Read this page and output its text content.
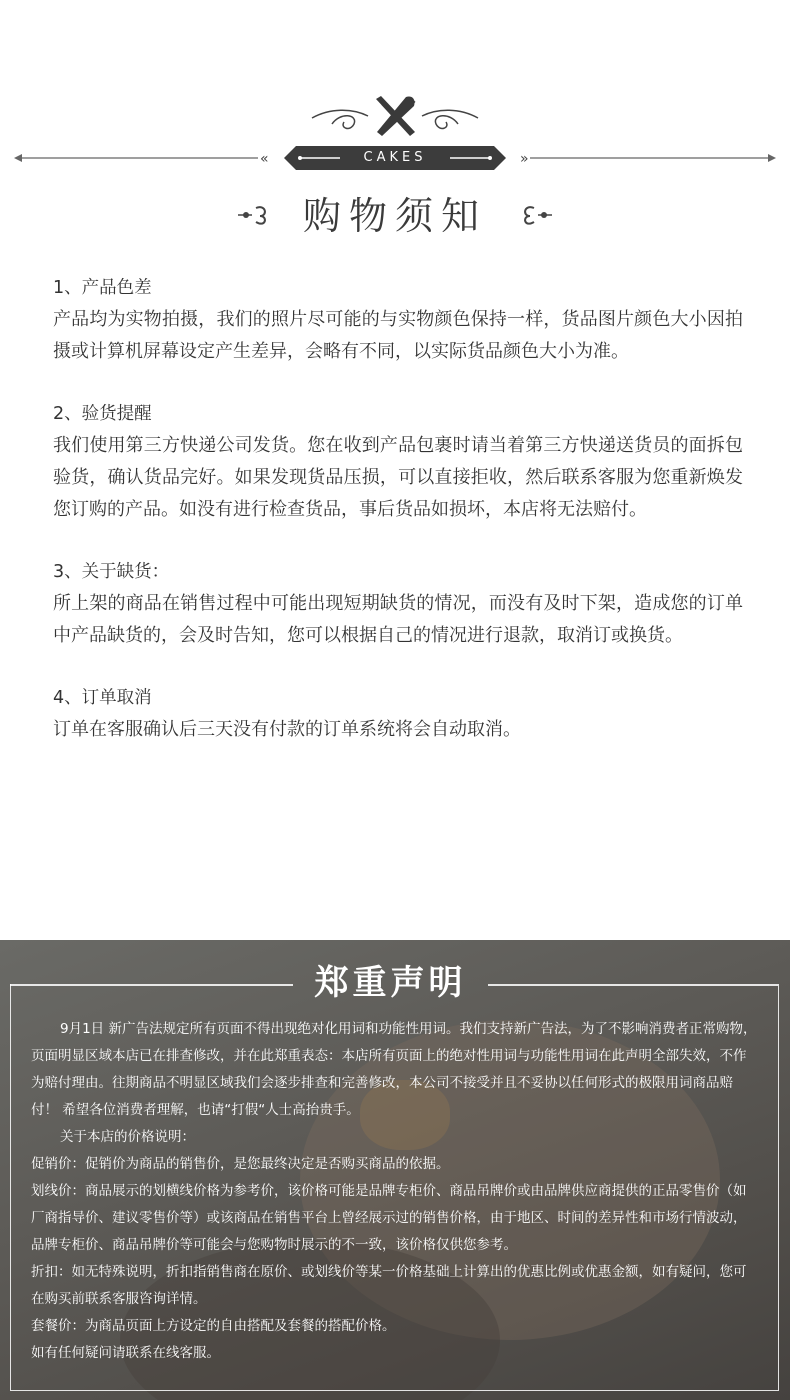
«	»
CAKES
购物须知
1、产品色差
产品均为实物拍摄，我们的照片尽可能的与实物颜色保持一样，货品图片颜色大小因拍摄或计算机屏幕设定产生差异，会略有不同，以实际货品颜色大小为准。
2、验货提醒
我们使用第三方快递公司发货。您在收到产品包裹时请当着第三方快递送货员的面拆包验货，确认货品完好。如果发现货品压损，可以直接拒收，然后联系客服为您重新焕发您订购的产品。如没有进行检查货品，事后货品如损坏，本店将无法赔付。
3、关于缺货：
所上架的商品在销售过程中可能出现短期缺货的情况，而没有及时下架，造成您的订单中产品缺货的，会及时告知，您可以根据自己的情况进行退款，取消订或换货。
4、订单取消
订单在客服确认后三天没有付款的订单系统将会自动取消。
郑重声明

9月1日 新广告法规定所有页面不得出现绝对化用词和功能性用词。我们支持新广告法，为了不影响消费者正常购物，页面明显区域本店已在排查修改，并在此郑重表态：本店所有页面上的绝对性用词与功能性用词在此声明全部失效，不作为赔付理由。往期商品不明显区域我们会逐步排查和完善修改，本公司不接受并且不妥协以任何形式的极限用词商品赔付！ 希望各位消费者理解，也请“打假“人士高抬贵手。

关于本店的价格说明：

促销价：促销价为商品的销售价，是您最终决定是否购买商品的依据。

划线价：商品展示的划横线价格为参考价，该价格可能是品牌专柜价、商品吊牌价或由品牌供应商提供的正品零售价（如厂商指导价、建议零售价等）或该商品在销售平台上曾经展示过的销售价格，由于地区、时间的差异性和市场行情波动，品牌专柜价、商品吊牌价等可能会与您购物时展示的不一致，该价格仅供您参考。

折扣：如无特殊说明，折扣指销售商在原价、或划线价等某一价格基础上计算出的优惠比例或优惠金额，如有疑问，您可在购买前联系客服咨询详情。

套餐价：为商品页面上方设定的自由搭配及套餐的搭配价格。

如有任何疑问请联系在线客服。
